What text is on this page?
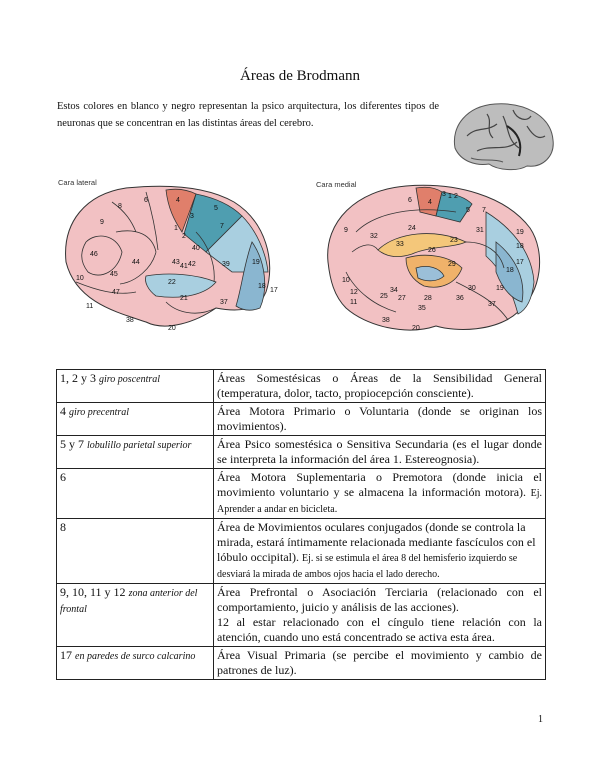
Áreas de Brodmann
Estos colores en blanco y negro representan la psico arquitectura, los diferentes tipos de neuronas que se concentran en las distintas áreas del cerebro.
Cara lateral	Cara medial
8
6	4
3
1
2
5
7
9
46
10
45
44	43
41 42
40
39
47
11
22
21
19
18
17
38
37
20
6 4
3 1 2
5 7
9
32
24
33
26
29
23
31	19
18
17
10
12
11
25
34
27	28
30
35
36
38
37
20
19
18
1, 2 y 3 giro poscentral	Áreas Somestésicas o Áreas de la Sensibilidad General (temperatura, dolor, tacto, propiocepción consciente).
4 giro precentral	Área Motora Primario o Voluntaria (donde se originan los movimientos).
5 y 7 lobulillo parietal superior	Área Psico somestésica o Sensitiva Secundaria (es el lugar donde se interpreta la información del área 1. Estereognosia).
6	Área Motora Suplementaria o Premotora (donde inicia el movimiento voluntario y se almacena la información motora). Ej. Aprender a andar en bicicleta.
8	Área de Movimientos oculares conjugados (donde se controla la mirada, estará íntimamente relacionada mediante fascículos con el lóbulo occipital). Ej. si se estimula el área 8 del hemisferio izquierdo se desviará la mirada de ambos ojos hacia el lado derecho.
9, 10, 11 y 12 zona anterior del frontal	Área Prefrontal o Asociación Terciaria (relacionado con el comportamiento, juicio y análisis de las acciones).
12 al estar relacionado con el cíngulo tiene relación con la atención, cuando uno está concentrado se activa esta área.
17 en paredes de surco calcarino	Área Visual Primaria (se percibe el movimiento y cambio de patrones de luz).
1
